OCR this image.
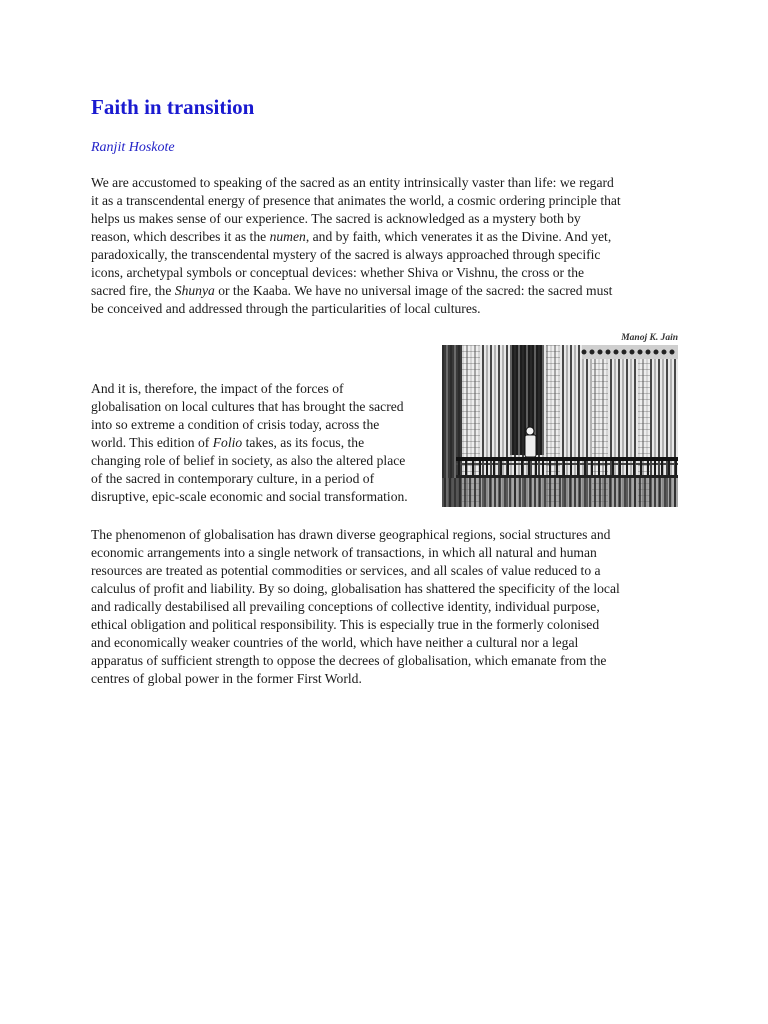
Faith in transition

Ranjit Hoskote

We are accustomed to speaking of the sacred as an entity intrinsically vaster than life: we regard
it as a transcendental energy of presence that animates the world, a cosmic ordering principle that
helps us makes sense of our experience. The sacred is acknowledged as a mystery both by
reason, which describes it as the numen, and by faith, which venerates it as the Divine. And yet,
paradoxically, the transcendental mystery of the sacred is always approached through specific
icons, archetypal symbols or conceptual devices: whether Shiva or Vishnu, the cross or the
sacred fire, the Shunya or the Kaaba. We have no universal image of the sacred: the sacred must
be conceived and addressed through the particularities of local cultures.
Manoj K. Jain
And it is, therefore, the impact of the forces of
globalisation on local cultures that has brought the sacred
into so extreme a condition of crisis today, across the
world. This edition of Folio takes, as its focus, the
changing role of belief in society, as also the altered place
of the sacred in contemporary culture, in a period of
disruptive, epic-scale economic and social transformation.
The phenomenon of globalisation has drawn diverse geographical regions, social structures and
economic arrangements into a single network of transactions, in which all natural and human
resources are treated as potential commodities or services, and all scales of value reduced to a
calculus of profit and liability. By so doing, globalisation has shattered the specificity of the local
and radically destabilised all prevailing conceptions of collective identity, individual purpose,
ethical obligation and political responsibility. This is especially true in the formerly colonised
and economically weaker countries of the world, which have neither a cultural nor a legal
apparatus of sufficient strength to oppose the decrees of globalisation, which emanate from the
centres of global power in the former First World.
